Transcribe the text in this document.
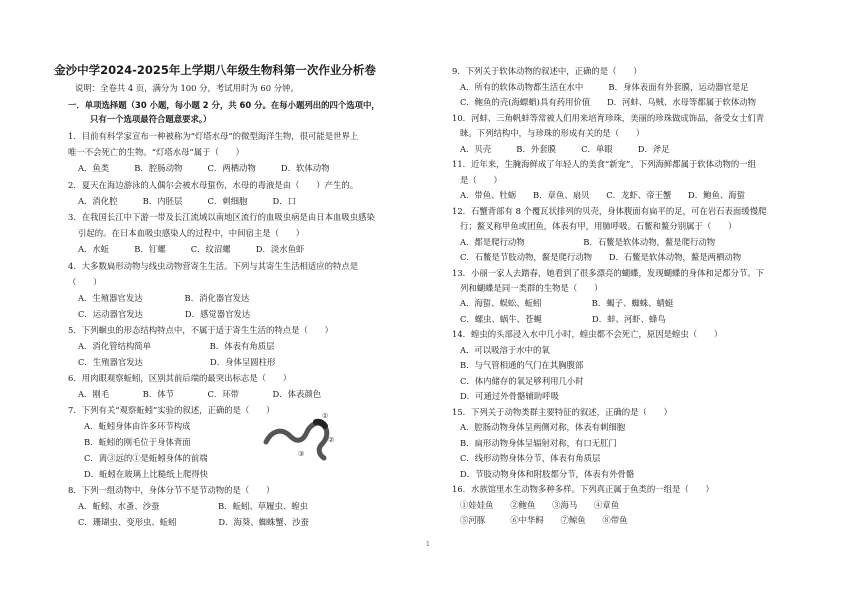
金沙中学2024-2025年上学期八年级生物科第一次作业分析卷
说明：全卷共 4 页，满分为 100 分，考试用时为 60 分钟。
一．单项选择题（30 小题，每小题 2 分，共 60 分。在每小题列出的四个选项中，
只有一个选项最符合题意要求。）
1．目前有科学家宣布一种被称为“灯塔水母”的微型海洋生物，很可能是世界上
唯一不会死亡的生物。“灯塔水母”属于（　　）
A．鱼类　　　B．腔肠动物　　　C．两栖动物　　　D．软体动物
2．夏天在海边游泳的人偶尔会被水母蜇伤，水母的毒液是由（　　）产生的。
A．消化腔　　　B．内胚层　　　C．刺细胞　　　D．口
3．在我国长江中下游一带及长江流域以南地区流行的血吸虫病是由日本血吸虫感染
引起的。在日本血吸虫感染人的过程中，中间宿主是（　　）
A．水蚯　　　B．钉螺　　　C．纹沼螺　　　D．淡水鱼虾
4．大多数扁形动物与线虫动物营寄生生活。下列与其寄生生活相适应的特点是
（　　）
A．生殖器官发达　　　　　B．消化器官发达
C．运动器官发达　　　　　D．感觉器官发达
5．下列蛔虫的形态结构特点中，不属于适于寄生生活的特点是（　　）
A．消化管结构简单　　　　　　　B．体表有角质层
C．生殖器官发达　　　　　　　　D．身体呈圆柱形
6．用肉眼观察蚯蚓，区别其前后端的最突出标志是（　　）
A．刚毛　　　　B．体节　　　　C．环带　　　　D．体表颜色
7．下列有关“观察蚯蚓”实验的叙述，正确的是（　　）
A．蚯蚓身体由许多环节构成
B．蚯蚓的刚毛位于身体背面
C．离③远的①是蚯蚓身体的前端
D．蚯蚓在玻璃上比糙纸上爬得快
8．下列一组动物中，身体分节不是节动物的是（　　）
A．蚯蚓、水蚤、沙蚕　　　　　　　B．蚯蚓、草履虫、蝗虫
C．珊瑚虫、变形虫、蚯蚓　　　　　D．海葵、蜘蛛蟹、沙蚕
9．下列关于软体动物的叙述中，正确的是（　　）
A．所有的软体动物都生活在水中　　　B．身体表面有外套膜，运动器官是足
C．鲍鱼的壳(海螵蛸)具有药用价值　　D．河蚌、乌贼、水母等都属于软体动物
10．河蚌、三角帆蚌等常被人们用来培育珍珠，美丽的珍珠做成饰品，备受女士们青
睐。下列结构中，与珍珠的形成有关的是（　　）
A．贝壳　　　B．外套膜　　　C．单眼　　　D．斧足
11．近年来，生腌海鲜成了年轻人的美食“新宠”。下列海鲜都属于软体动物的一组
是（　　）
A．带鱼、牡蛎　　B．章鱼、扇贝　　C．龙虾、帝王蟹　　D．鲍鱼、海蜇
12．石蟹背部有 8 个覆瓦状排列的贝壳，身体腹面有扁平的足，可在岩石表面缓慢爬
行；鳌叉称甲鱼或团鱼，体表有甲，用肺呼吸。石鳖和鳌分别属于（　　）
A．都是爬行动物　　　　　　　B．石鳖是软体动物，鳌是爬行动物
C．石鳖是节肢动物，鳌是爬行动物　　D．石鳖是软体动物，鳌是两栖动物
13．小丽一家人去踏春，她看到了很多漂亮的蝴蝶，发现蝴蝶的身体和足都分节。下
列和蝴蝶是同一类群的生物是（　　）
A．海蜇、蜈蚣、蚯蚓　　　　　　B．蝎子、蜘蛛、蜻蜓
C．螺虫、蜗牛、苍蝇　　　　　　D．蚌、河虾、蜂鸟
14．蝗虫的头部浸入水中几小时，蝗虫都不会死亡，原因是蝗虫（　　）
A．可以吸溶于水中的氧
B．与气管相通的气门在其胸腹部
C．体内储存的氧足够利用几小时
D．可通过外骨骼辅助呼吸
15．下列关于动物类群主要特征的叙述，正确的是（　　）
A．腔肠动物身体呈两侧对称，体表有刺细胞
B．扁形动物身体呈辐射对称，有口无肛门
C．线形动物身体分节，体表有角质层
D．节肢动物身体和附肢都分节，体表有外骨骼
16．水族馆里水生动物多种多样。下列真正属于鱼类的一组是（　　）
①娃娃鱼　　②鲍鱼　　③海马　　④章鱼
⑤河豚　　　⑥中华鲟　　⑦鲸鱼　　⑧带鱼
①
②
③
1
